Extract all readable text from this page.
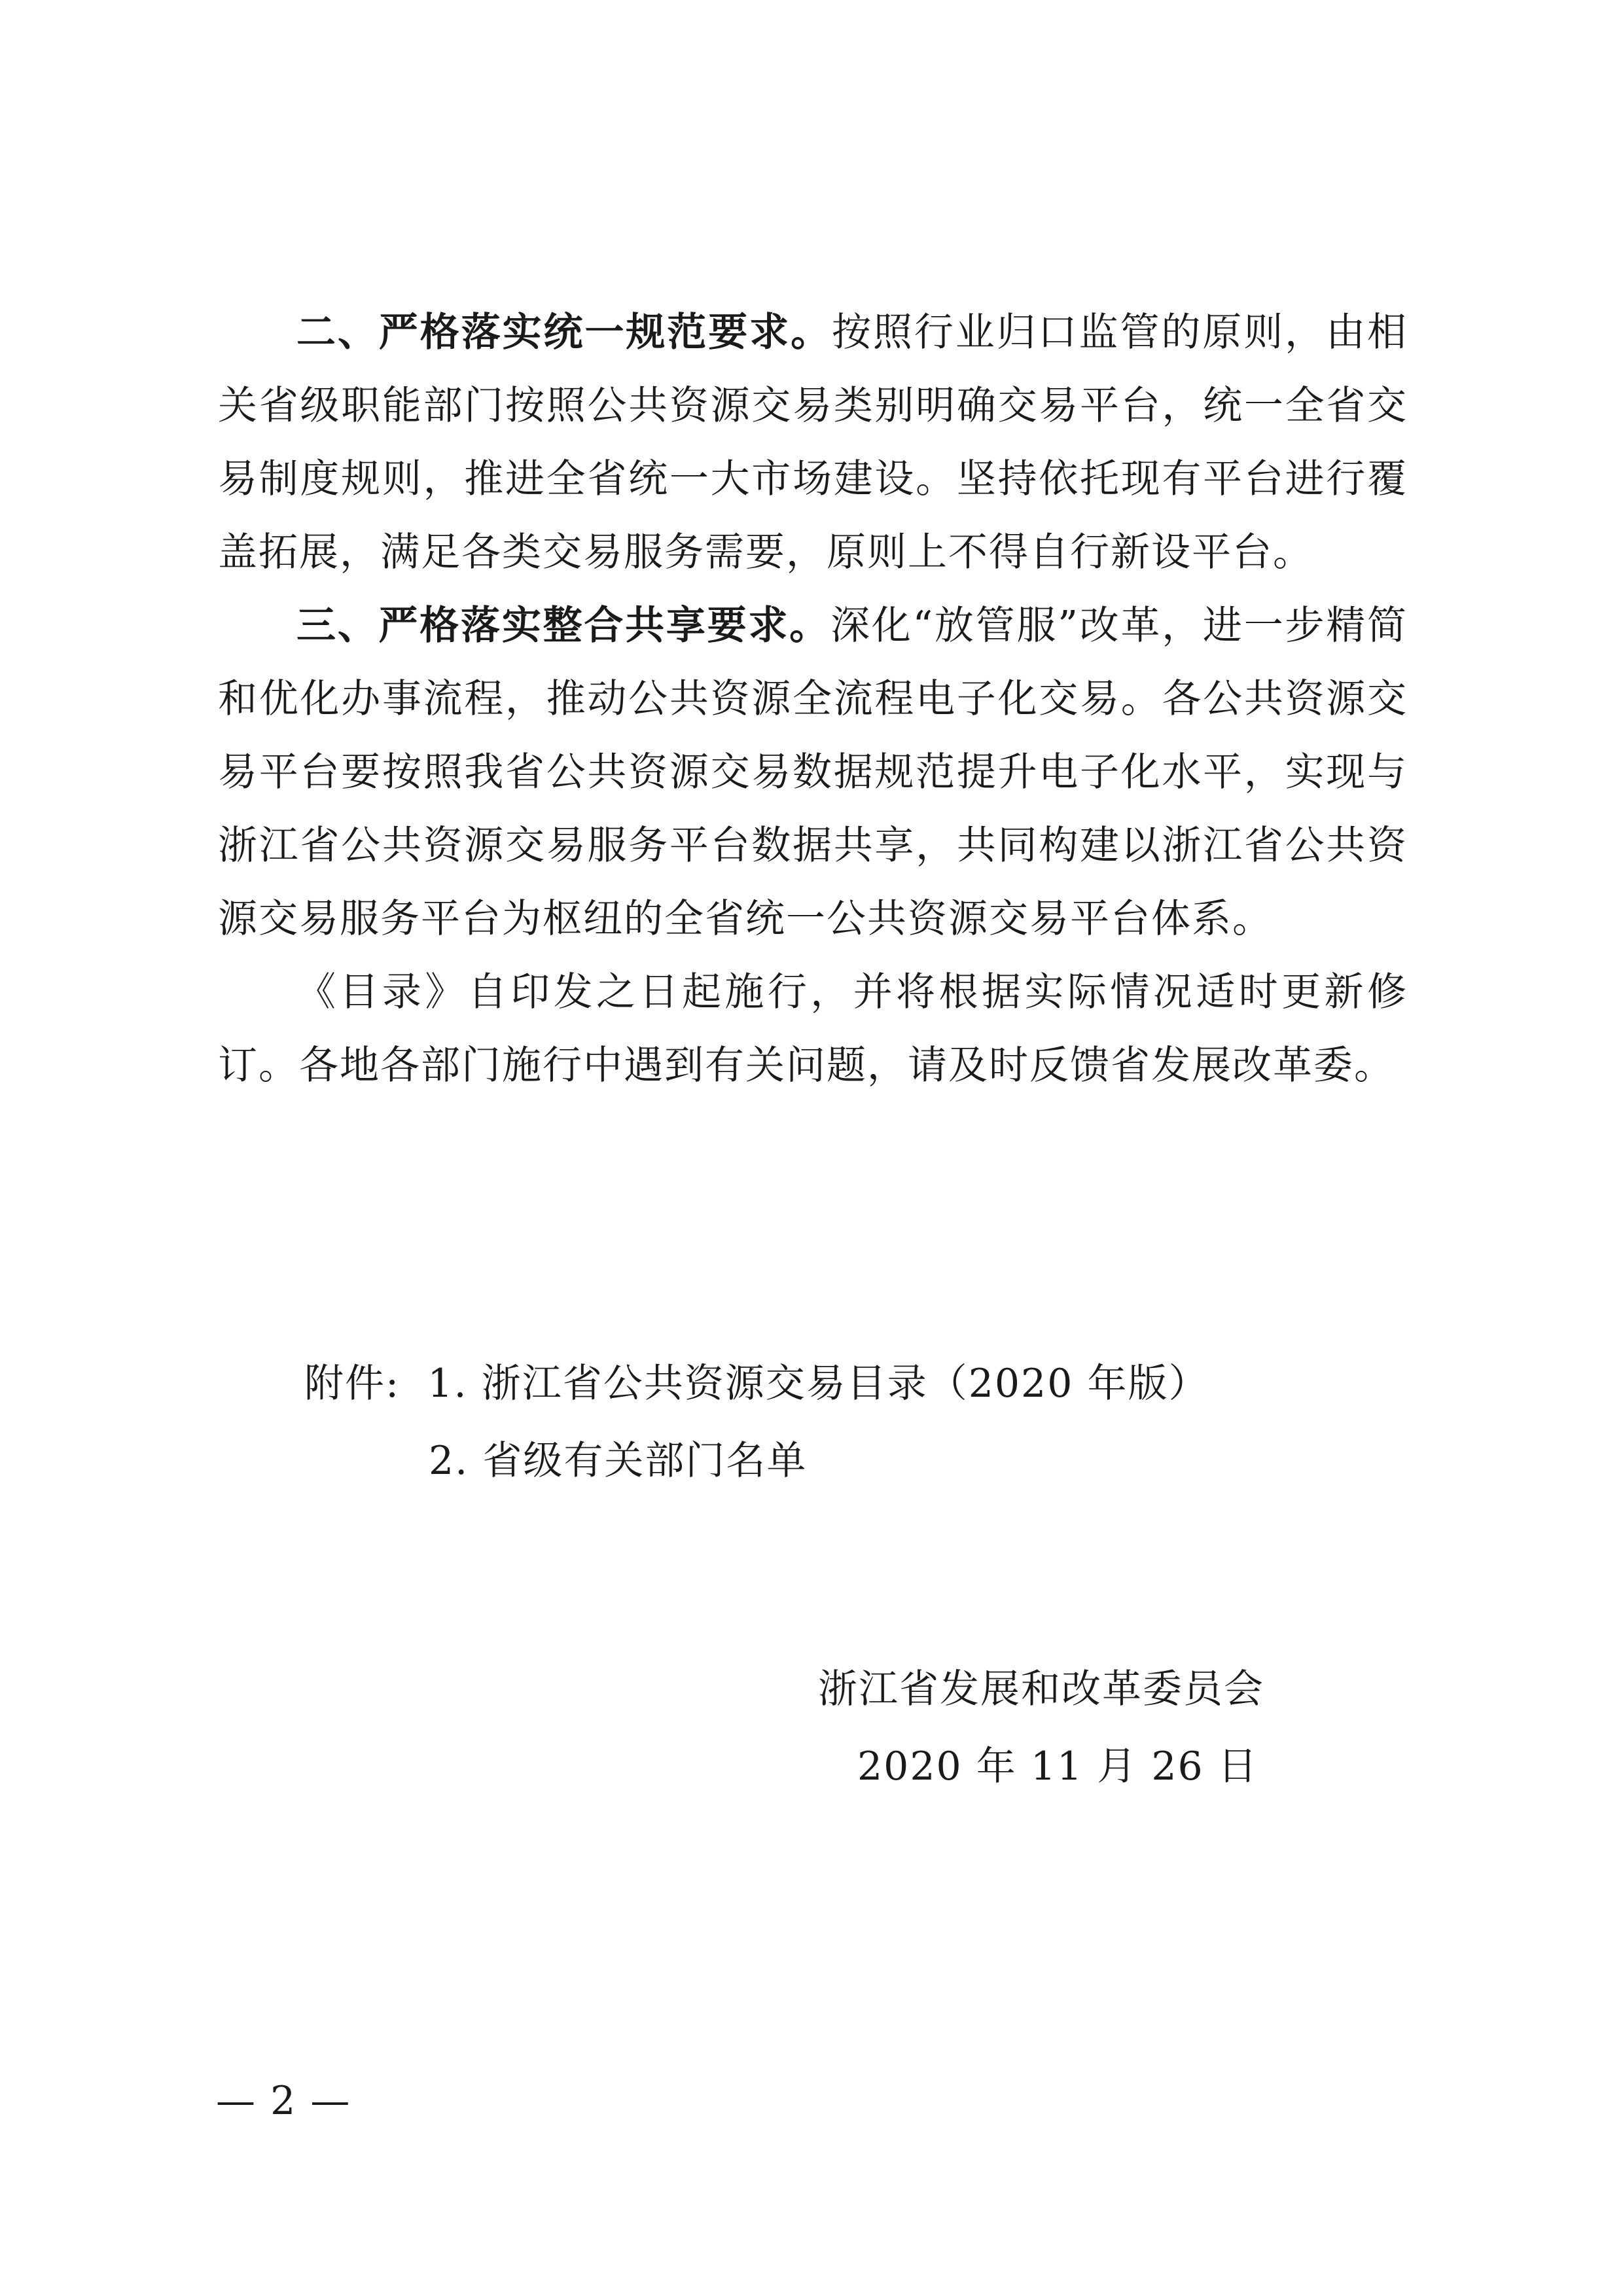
二、严格落实统一规范要求。按照行业归口监管的原则，由相关省级职能部门按照公共资源交易类别明确交易平台，统一全省交易制度规则，推进全省统一大市场建设。坚持依托现有平台进行覆盖拓展，满足各类交易服务需要，原则上不得自行新设平台。

三、严格落实整合共享要求。深化“放管服”改革，进一步精简和优化办事流程，推动公共资源全流程电子化交易。各公共资源交易平台要按照我省公共资源交易数据规范提升电子化水平，实现与浙江省公共资源交易服务平台数据共享，共同构建以浙江省公共资源交易服务平台为枢纽的全省统一公共资源交易平台体系。

《目录》自印发之日起施行，并将根据实际情况适时更新修订。各地各部门施行中遇到有关问题，请及时反馈省发展改革委。

附件: 1. 浙江省公共资源交易目录（2020 年版）
2. 省级有关部门名单
浙江省发展和改革委员会
2020 年 11 月 26 日
— 2 —
